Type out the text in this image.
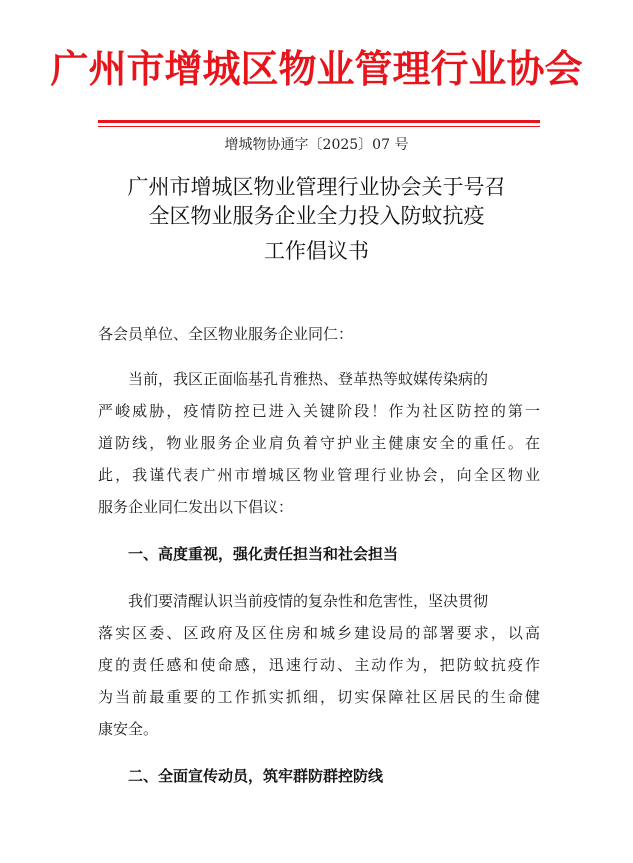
广州市增城区物业管理行业协会
增城物协通字〔2025〕07 号
广州市增城区物业管理行业协会关于号召
全区物业服务企业全力投入防蚊抗疫
工作倡议书
各会员单位、全区物业服务企业同仁：
当前，我区正面临基孔肯雅热、登革热等蚊媒传染病的
严峻威胁，疫情防控已进入关键阶段！作为社区防控的第一
道防线，物业服务企业肩负着守护业主健康安全的重任。在
此，我谨代表广州市增城区物业管理行业协会，向全区物业
服务企业同仁发出以下倡议：
一、高度重视，强化责任担当和社会担当
我们要清醒认识当前疫情的复杂性和危害性，坚决贯彻
落实区委、区政府及区住房和城乡建设局的部署要求，以高
度的责任感和使命感，迅速行动、主动作为，把防蚊抗疫作
为当前最重要的工作抓实抓细，切实保障社区居民的生命健
康安全。
二、全面宣传动员，筑牢群防群控防线
